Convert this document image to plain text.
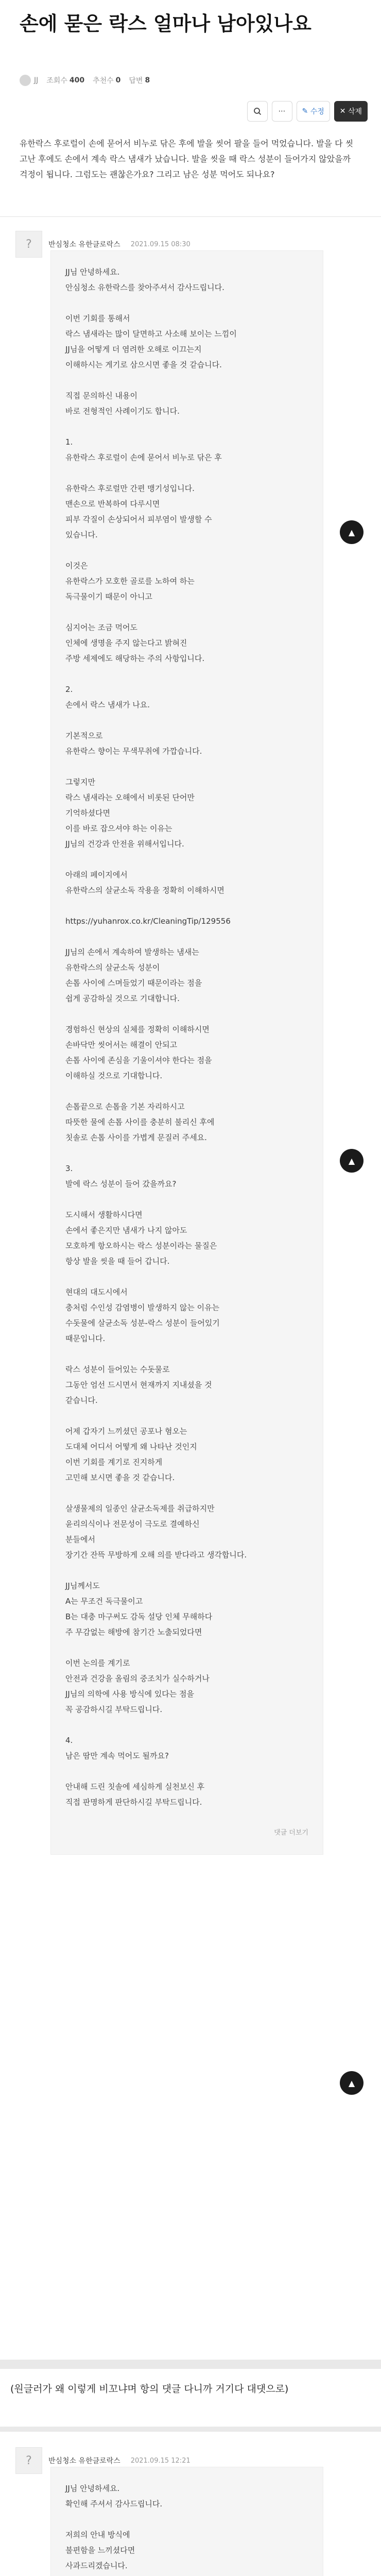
손에 묻은 락스 얼마나 남아있나요
JJ 조회수 400 추천수 0 답변 8
⋯ ✎
수정 ✕
삭제

유한락스 후로럴이 손에 묻어서 비누로 닦은 후에 발을 씻어 팔을 들어 먹었습니다. 발을 다 씻고난 후에도 손에서 계속 락스 냄새가 났습니다. 발을 씻을 때 락스 성분이 들어가지 않았을까 걱정이 됩니다. 그럼도는 괜찮은가요? 그리고 남은 성분 먹어도 되나요?

?	반심청소 유한클로락스 2021.09.15 08:30

JJ님 안녕하세요.
안심청소 유한락스를 찾아주셔서 감사드립니다.

이번 기회를 통해서
락스 냄새라는 많이 달면하고 사소해 보이는 느낌이
JJ님을 어떻게 더 염려한 오해로 이끄는지
이해하시는 게기로 삼으시면 좋을 것 같습니다.

직접 문의하신 내용이
바로 전형적인 사례이기도 합니다.

1.
유한락스 후로럴이 손에 묻어서 비누로 닦은 후

유한락스 후로럴만 간편 맹기성입니다.
맨손으로 반복하여 다루시면
피부 각질이 손상되어서 피부염이 발생할 수
있습니다.

이것은
유한락스가 모호한 골로를 노하여 하는
독극물이기 때문이 아니고

심지어는 조금 먹어도
인체에 생명을 주지 않는다고 밝혀진
주방 세제에도 해당하는 주의 사항입니다.

2.
손에서 락스 냄새가 나요.

기본적으로
유한락스 향이는 무색무취에 가깝습니다.

그렇지만
락스 냄새라는 오해에서 비롯된 단어만
기억하셨다면
이를 바로 잡으셔야 하는 이유는
JJ님의 건강과 안전을 위해서입니다.

아래의 페이지에서
유한락스의 살균소독 작용을 정확히 이해하시면

https://yuhanrox.co.kr/CleaningTip/129556

JJ님의 손에서 계속하여 발생하는 냄새는
유한락스의 살균소독 성분이
손톱 사이에 스며들었기 때문이라는 점을
쉽게 공감하실 것으로 기대합니다.

경험하신 현상의 실체를 정확히 이해하시면
손바닥만 씻어서는 해결이 안되고
손톱 사이에 존심을 기울이셔야 한다는 점을
이해하실 것으로 기대합니다.

손톱끝으로 손톱을 기본 자리하시고
따뜻한 물에 손톱 사이를 충분히 불리신 후에
칫솔로 손톱 사이를 가볍게 문질러 주세요.

3.
발에 락스 성분이 들어 갔을까요?

도시해서 생활하시다면
손에서 좋은지만 냄새가 나지 않아도
모호하게 항오하시는 락스 성분이라는 물질은
항상 발을 씻을 때 들어 갑니다.

현대의 대도시에서
충처럼 수인성 감염병이 발생하지 않는 이유는
수돗물에 살균소독 성분-락스 성분이 들어있기
때문입니다.

락스 성분이 들어있는 수돗물로
그동안 엄선 드시면서 현재까지 지내셨을 것
같습니다.

어제 갑자기 느끼셨던 공포나 혐오는
도대체 어디서 어떻게 왜 나타난 것인지
이번 기회를 계기로 진지하게
고민해 보시면 좋을 것 같습니다.

살생물제의 일종인 살균소독제를 취급하지만
윤리의식이나 전문성이 극도로 결예하신
분들에서
장기간 잔뜩 무방하게 오해 의를 받다라고 생각합니다.

JJ님께서도
A는 무조건 독극물이고
B는 대충 마구써도 감독 설당 인체 무해하다
주 무감없는 해방에 참기간 노출되었다면

이번 논의를 계기로
안전과 건강을 올림의 중조치가 실수하거나
JJ님의 의학에 사용 방식에 있다는 점을
꼭 공감하시길 부탁드립니다.

4.
남은 땀만 계속 먹어도 될까요?

안내해 드린 칫솔에 세심하게 실천보신 후
직접 판명하게 판단하시길 부탁드립니다.

댓글 더보기

▲
▲
▲
(원글러가 왜 이렇게 비꼬냐며 항의 댓글 다니까 거기다 대댓으로)
?	반심청소 유한클로락스 2021.09.15 12:21

JJ님 안녕하세요.
확인해 주셔서 감사드립니다.

저희의 안내 방식에
불편함을 느끼셨다면
사과드리겠습니다.
